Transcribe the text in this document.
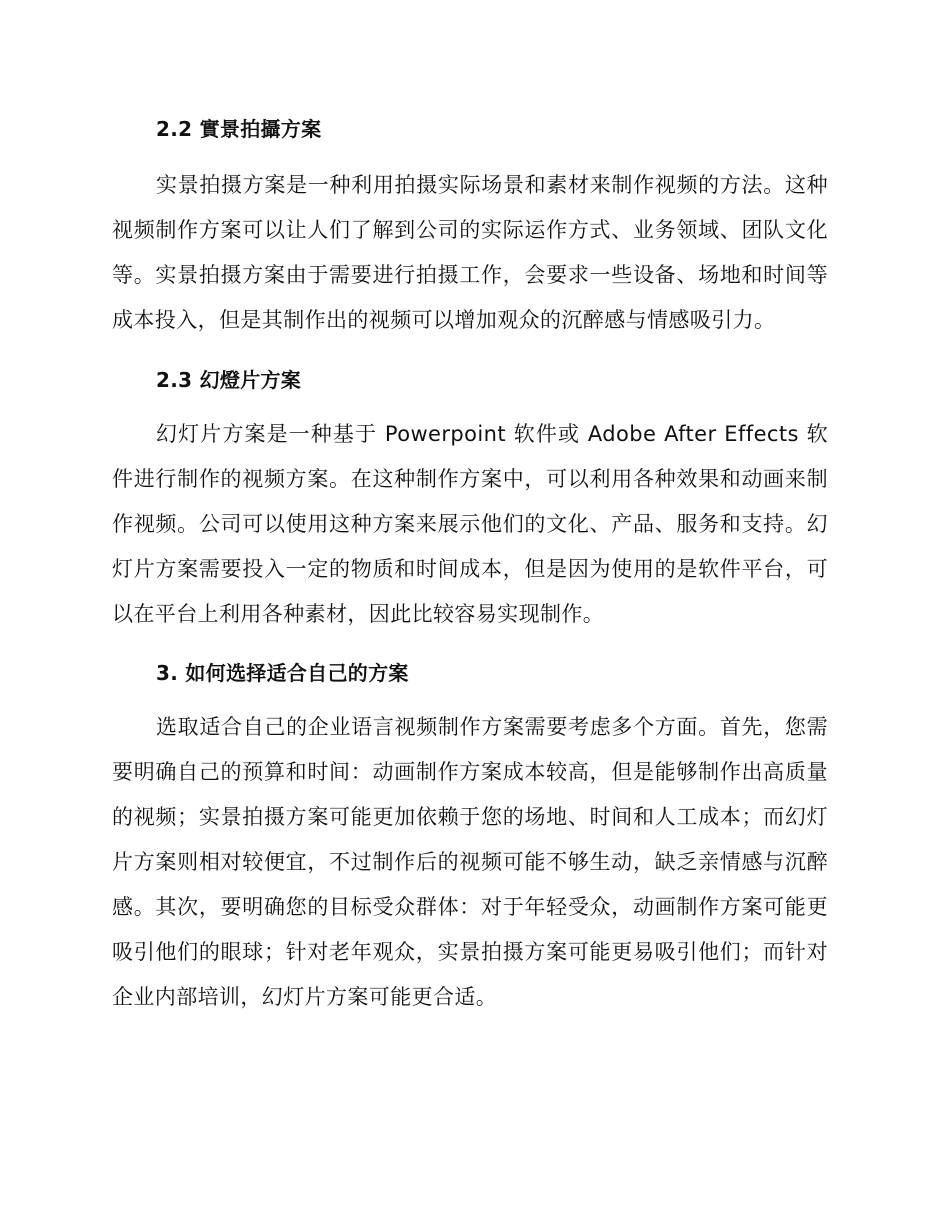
2.2 實景拍攝方案

实景拍摄方案是一种利用拍摄实际场景和素材来制作视频的方法。这种视频制作方案可以让人们了解到公司的实际运作方式、业务领域、团队文化等。实景拍摄方案由于需要进行拍摄工作，会要求一些设备、场地和时间等成本投入，但是其制作出的视频可以增加观众的沉醉感与情感吸引力。

2.3 幻燈片方案

幻灯片方案是一种基于 Powerpoint 软件或 Adobe After Effects 软件进行制作的视频方案。在这种制作方案中，可以利用各种效果和动画来制作视频。公司可以使用这种方案来展示他们的文化、产品、服务和支持。幻灯片方案需要投入一定的物质和时间成本，但是因为使用的是软件平台，可以在平台上利用各种素材，因此比较容易实现制作。

3. 如何选择适合自己的方案

选取适合自己的企业语言视频制作方案需要考虑多个方面。首先，您需要明确自己的预算和时间：动画制作方案成本较高，但是能够制作出高质量的视频；实景拍摄方案可能更加依赖于您的场地、时间和人工成本；而幻灯片方案则相对较便宜，不过制作后的视频可能不够生动，缺乏亲情感与沉醉感。其次，要明确您的目标受众群体：对于年轻受众，动画制作方案可能更吸引他们的眼球；针对老年观众，实景拍摄方案可能更易吸引他们；而针对企业内部培训，幻灯片方案可能更合适。
